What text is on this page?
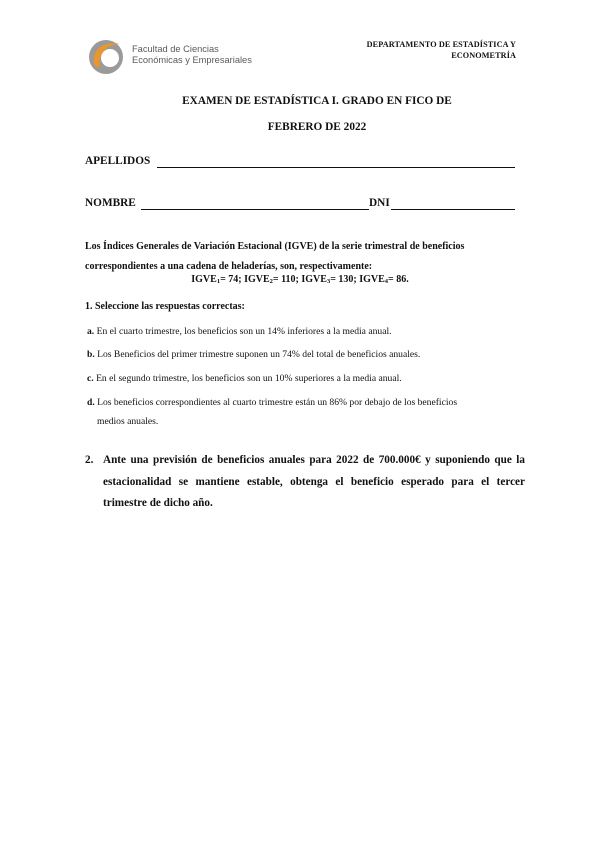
Facultad de Ciencias
Económicas y Empresariales
DEPARTAMENTO DE ESTADÍSTICA Y
ECONOMETRÍA
EXAMEN DE ESTADÍSTICA I. GRADO EN FICO DE
FEBRERO DE 2022
APELLIDOS
NOMBRE	DNI
Los Índices Generales de Variación Estacional (IGVE) de la serie trimestral de beneficios correspondientes a una cadena de heladerías, son, respectivamente:
$IGVE_1= 74$; $IGVE_2= 110$; $IGVE_3= 130$; $IGVE_4= 86$.
1. Seleccione las respuestas correctas:
a. En el cuarto trimestre, los beneficios son un 14% inferiores a la media anual.
b. Los Beneficios del primer trimestre suponen un 74% del total de beneficios anuales.
c. En el segundo trimestre, los beneficios son un 10% superiores a la media anual.
d. Los beneficios correspondientes al cuarto trimestre están un 86% por debajo de los beneficios
medios anuales.
2. Ante una previsión de beneficios anuales para 2022 de 700.000€ y suponiendo que la estacionalidad se mantiene estable, obtenga el beneficio esperado para el tercer trimestre de dicho año.
